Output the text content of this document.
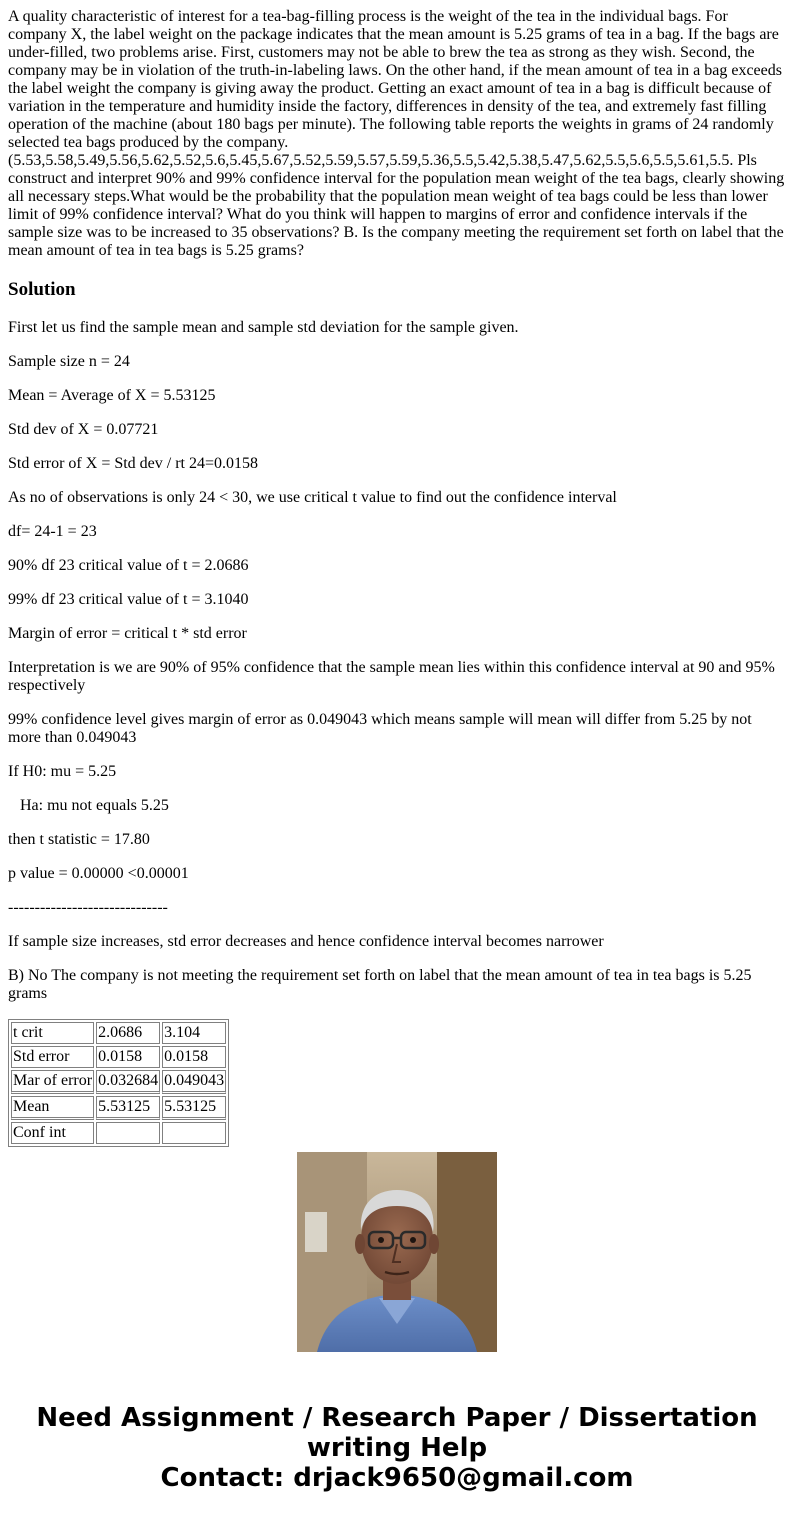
A quality characteristic of interest for a tea-bag-filling process is the weight of the tea in the individual bags. For company X, the label weight on the package indicates that the mean amount is 5.25 grams of tea in a bag. If the bags are under-filled, two problems arise. First, customers may not be able to brew the tea as strong as they wish. Second, the company may be in violation of the truth-in-labeling laws. On the other hand, if the mean amount of tea in a bag exceeds the label weight the company is giving away the product. Getting an exact amount of tea in a bag is difficult because of variation in the temperature and humidity inside the factory, differences in density of the tea, and extremely fast filling operation of the machine (about 180 bags per minute). The following table reports the weights in grams of 24 randomly selected tea bags produced by the company. (5.53,5.58,5.49,5.56,5.62,5.52,5.6,5.45,5.67,5.52,5.59,5.57,5.59,5.36,5.5,5.42,5.38,5.47,5.62,5.5,5.6,5.5,5.61,5.5. Pls construct and interpret 90% and 99% confidence interval for the population mean weight of the tea bags, clearly showing all necessary steps.What would be the probability that the population mean weight of tea bags could be less than lower limit of 99% confidence interval? What do you think will happen to margins of error and confidence intervals if the sample size was to be increased to 35 observations? B. Is the company meeting the requirement set forth on label that the mean amount of tea in tea bags is 5.25 grams?
Solution

First let us find the sample mean and sample std deviation for the sample given.

Sample size n = 24

Mean = Average of X = 5.53125

Std dev of X = 0.07721

Std error of X = Std dev / rt 24=0.0158

As no of observations is only 24 < 30, we use critical t value to find out the confidence interval

df= 24-1 = 23

90% df 23 critical value of t = 2.0686

99% df 23 critical value of t = 3.1040

Margin of error = critical t * std error

Interpretation is we are 90% of 95% confidence that the sample mean lies within this confidence interval at 90 and 95% respectively

99% confidence level gives margin of error as 0.049043 which means sample will mean will differ from 5.25 by not more than 0.049043

If H0: mu = 5.25

Ha: mu not equals 5.25

then t statistic = 17.80

p value = 0.00000 <0.00001

------------------------------

If sample size increases, std error decreases and hence confidence interval becomes narrower

B) No The company is not meeting the requirement set forth on label that the mean amount of tea in tea bags is 5.25 grams

t crit	2.0686	3.104
Std error	0.0158	0.0158
Mar of error	0.032684	0.049043
Mean	5.53125	5.53125
Conf int		
Need Assignment / Research Paper / Dissertation
writing Help
Contact: drjack9650@gmail.com
